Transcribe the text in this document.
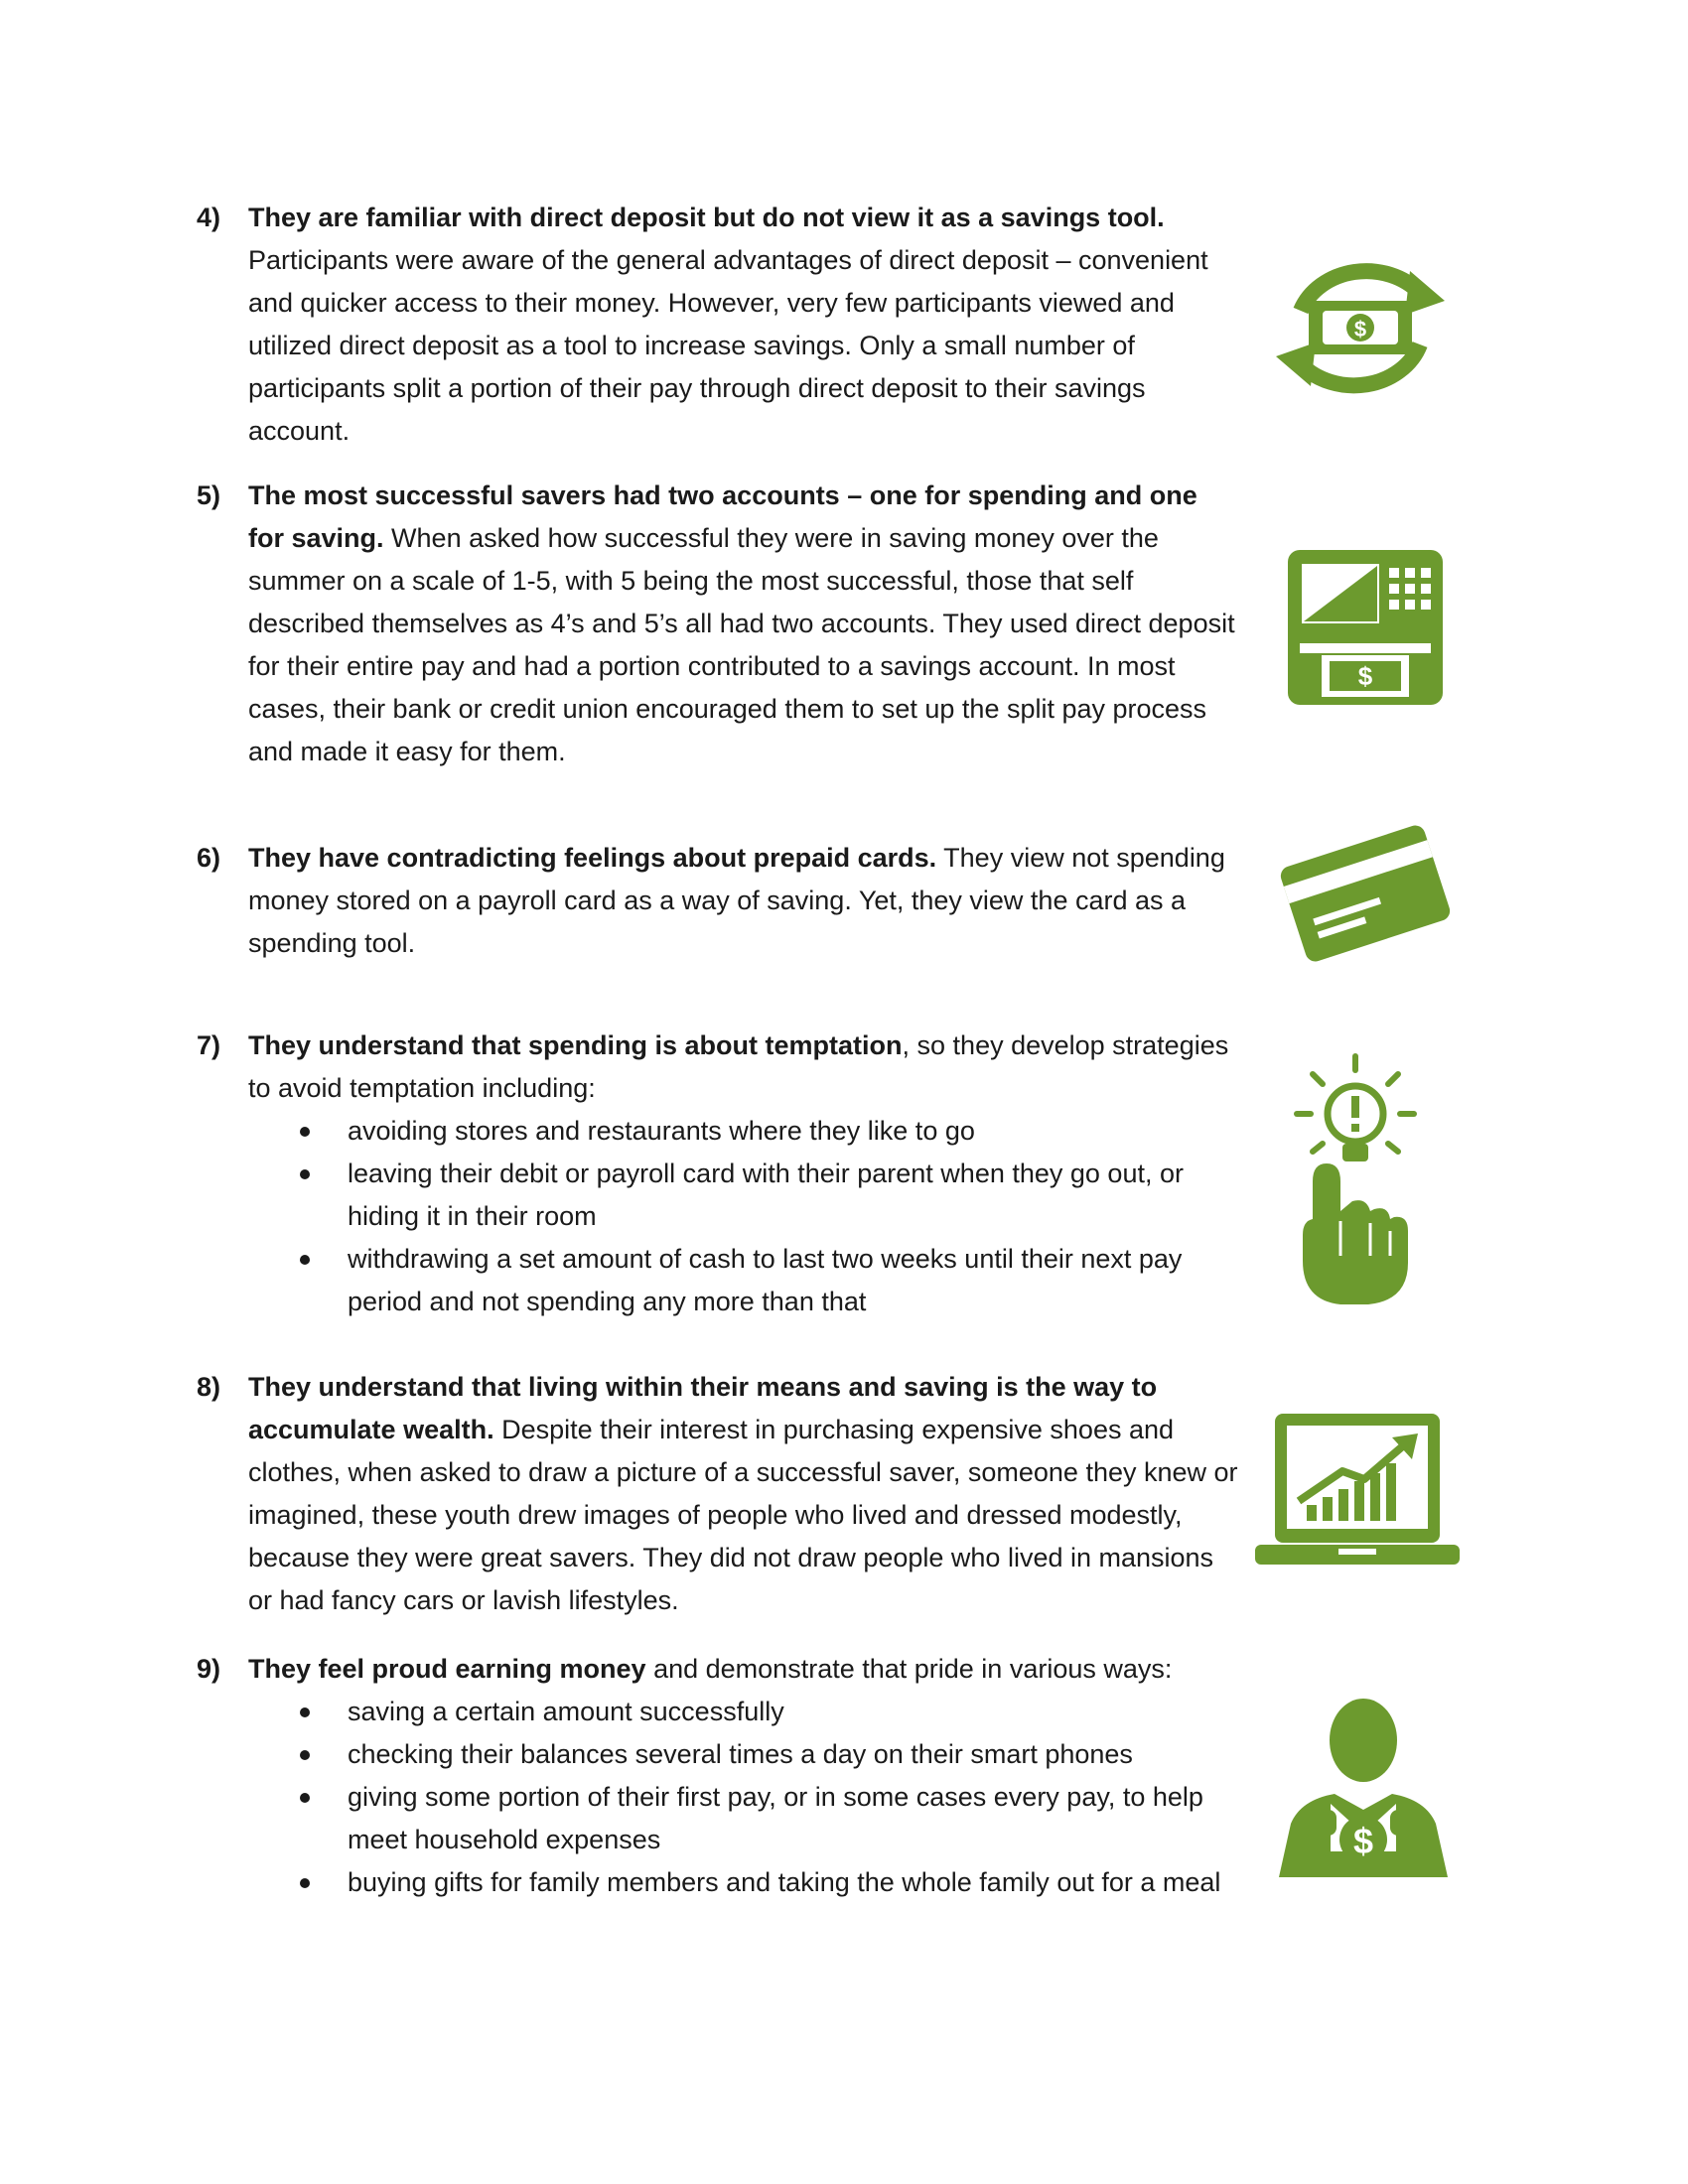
4)	They are familiar with direct deposit but do not view it as a savings tool. Participants were aware of the general advantages of direct deposit – convenient and quicker access to their money. However, very few participants viewed and utilized direct deposit as a tool to increase savings. Only a small number of participants split a portion of their pay through direct deposit to their savings account.
5)	The most successful savers had two accounts – one for spending and one for saving. When asked how successful they were in saving money over the summer on a scale of 1-5, with 5 being the most successful, those that self described themselves as 4’s and 5’s all had two accounts. They used direct deposit for their entire pay and had a portion contributed to a savings account. In most cases, their bank or credit union encouraged them to set up the split pay process and made it easy for them.
6)	They have contradicting feelings about prepaid cards. They view not spending money stored on a payroll card as a way of saving. Yet, they view the card as a spending tool.
7)	They understand that spending is about temptation, so they develop strategies to avoid temptation including:
avoiding stores and restaurants where they like to go
leaving their debit or payroll card with their parent when they go out, or hiding it in their room
withdrawing a set amount of cash to last two weeks until their next pay period and not spending any more than that
8)	They understand that living within their means and saving is the way to accumulate wealth. Despite their interest in purchasing expensive shoes and clothes, when asked to draw a picture of a successful saver, someone they knew or imagined, these youth drew images of people who lived and dressed modestly, because they were great savers. They did not draw people who lived in mansions or had fancy cars or lavish lifestyles.
9)	They feel proud earning money and demonstrate that pride in various ways:
saving a certain amount successfully
checking their balances several times a day on their smart phones
giving some portion of their first pay, or in some cases every pay, to help meet household expenses
buying gifts for family members and taking the whole family out for a meal
$
$
$
